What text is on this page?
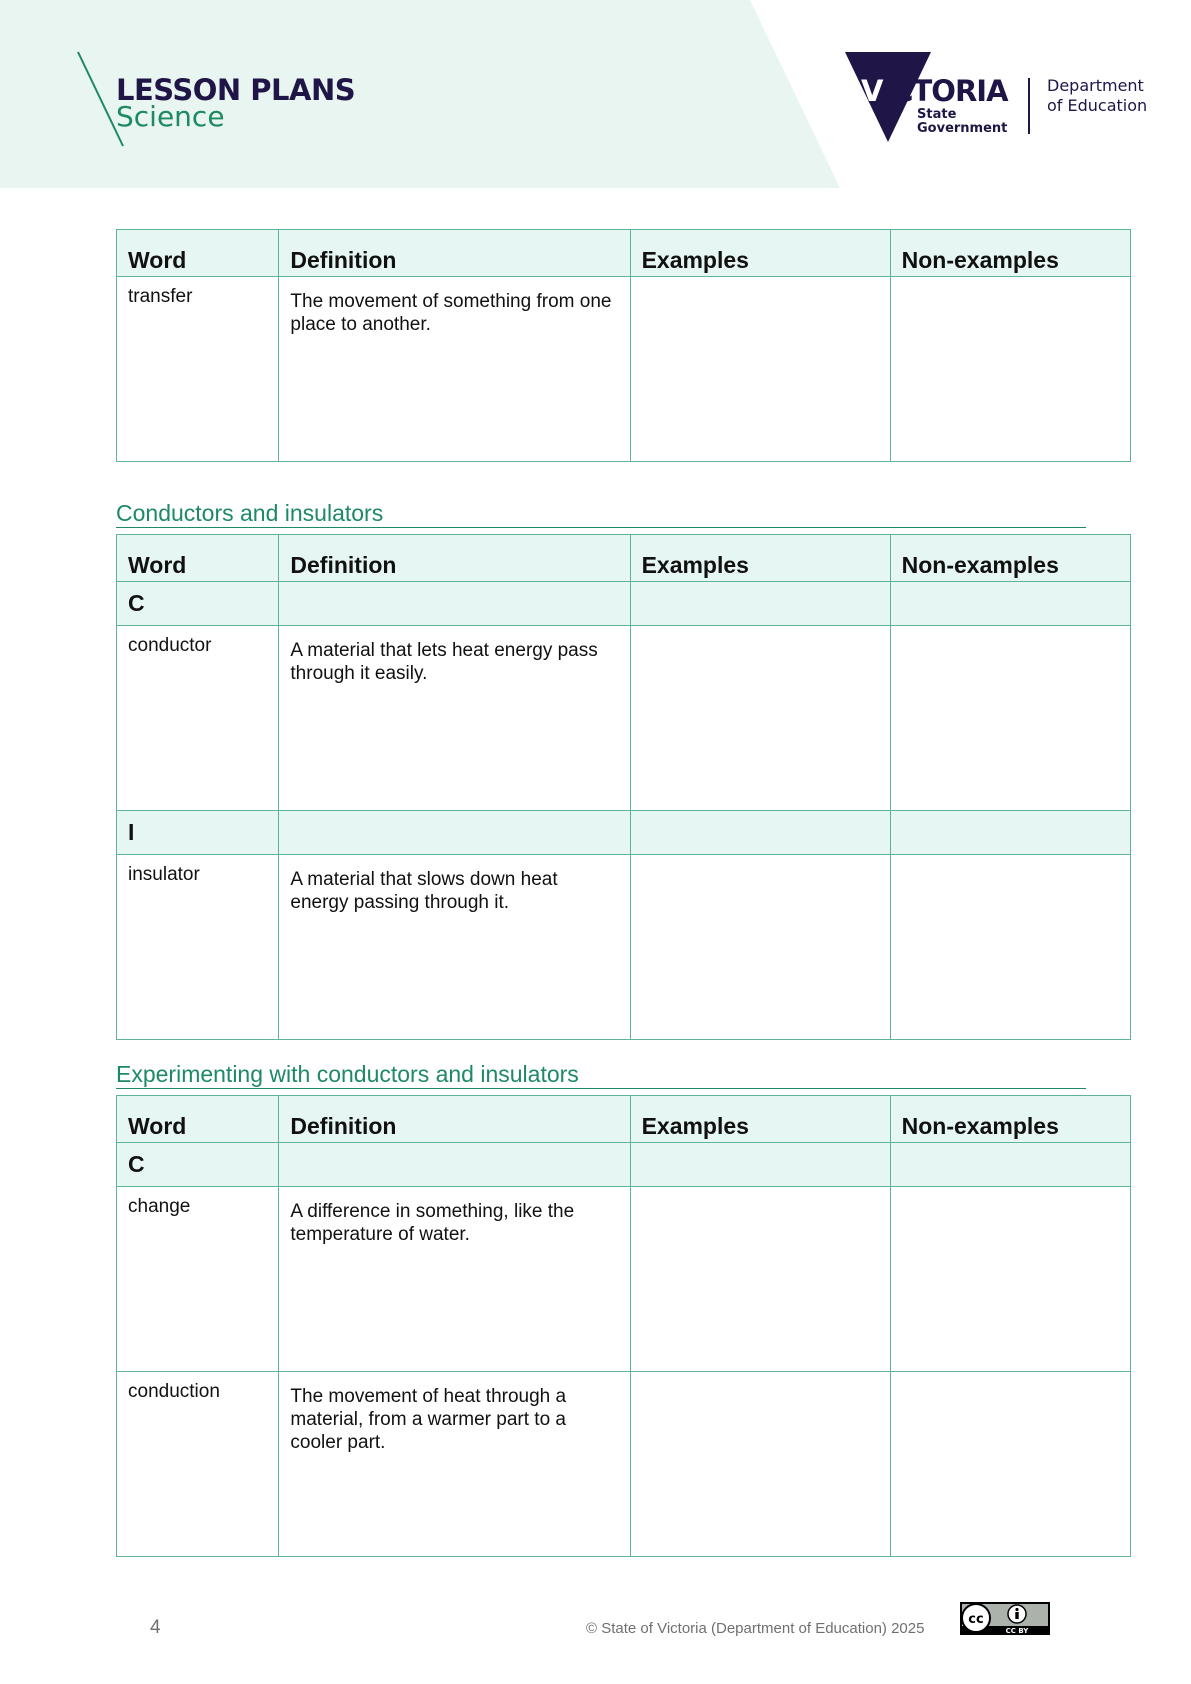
LESSON PLANS
Science
VICTORIA
State
Government
Department
of Education
Word	Definition	Examples	Non-examples
transfer	The movement of something from one place to another.		
Conductors and insulators
Word	Definition	Examples	Non-examples
C			
conductor	A material that lets heat energy pass through it easily.		
I			
insulator	A material that slows down heat energy passing through it.		
Experimenting with conductors and insulators
Word	Definition	Examples	Non-examples
C			
change	A difference in something, like the temperature of water.		
conduction	The movement of heat through a material, from a warmer part to a cooler part.		
4	© State of Victoria (Department of Education) 2025
cc
CC BY
